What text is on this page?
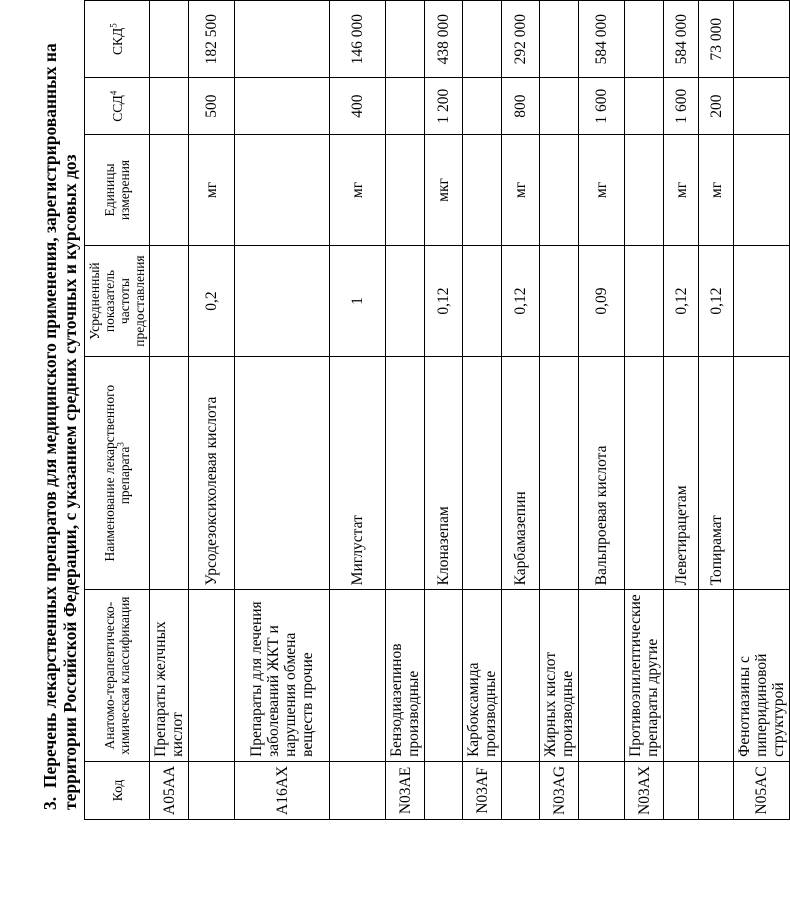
3.  Перечень лекарственных препаратов для медицинского применения, зарегистрированных на территории Российской Федерации, с указанием средних суточных и курсовых доз Код	Анатомо-терапевтическо-химическая классификация	Наименование лекарственного препарата$^3$	Усредненный показатель частоты предоставления	Единицы измерения	ССД$^4$	СКД$^5$
A05AA	Препараты желчных кислот					
		Урсодезоксихолевая кислота	0,2	мг	500	182 500
A16AX	Препараты для лечения заболеваний ЖКТ и нарушения обмена веществ прочие					
		Миглустат	1	мг	400	146 000
N03AE	Бензодиазепинов производные					
		Клоназепам	0,12	мкг	1 200	438 000
N03AF	Карбоксамида производные					
		Карбамазепин	0,12	мг	800	292 000
N03AG	Жирных кислот производные					
		Вальпроевая кислота	0,09	мг	1 600	584 000
N03AX	Противоэпилептические препараты другие					
		Леветирацетам	0,12	мг	1 600	584 000
		Топирамат	0,12	мг	200	73 000
N05AC	Фенотиазины с пиперидиновой структурой					
